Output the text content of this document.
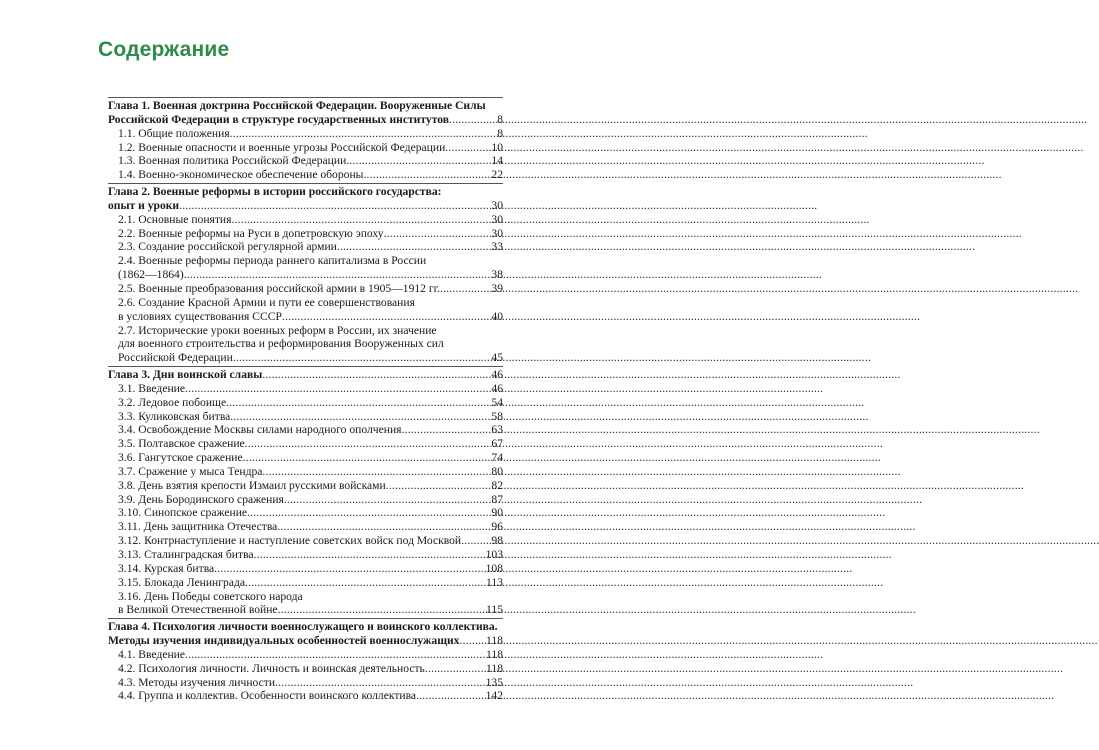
Содержание
Глава 1. Военная доктрина Российской Федерации. Вооруженные Силы
Российской Федерации в структуре государственных институтов .....	8
1.1. Общие положения .....	8
1.2. Военные опасности и военные угрозы Российской Федерации .....	10
1.3. Военная политика Российской Федерации .....	14
1.4. Военно-экономическое обеспечение обороны .....	22
Глава 2. Военные реформы в истории российского государства:
опыт и уроки .....	30
2.1. Основные понятия .....	30
2.2. Военные реформы на Руси в допетровскую эпоху .....	30
2.3. Создание российской регулярной армии .....	33
2.4. Военные реформы периода раннего капитализма в России
(1862—1864) .....	38
2.5. Военные преобразования российской армии в 1905—1912 гг. .....	39
2.6. Создание Красной Армии и пути ее совершенствования
в условиях существования СССР .....	40
2.7. Исторические уроки военных реформ в России, их значение
для военного строительства и реформирования Вооруженных сил
Российской Федерации .....	45
Глава 3. Дни воинской славы .....	46
3.1. Введение .....	46
3.2. Ледовое побоище .....	54
3.3. Куликовская битва .....	58
3.4. Освобождение Москвы силами народного ополчения .....	63
3.5. Полтавское сражение .....	67
3.6. Гангутское сражение .....	74
3.7. Сражение у мыса Тендра .....	80
3.8. День взятия крепости Измаил русскими войсками .....	82
3.9. День Бородинского сражения .....	87
3.10. Синопское сражение .....	90
3.11. День защитника Отечества .....	96
3.12. Контрнаступление и наступление советских войск под Москвой .....	98
3.13. Сталинградская битва .....	103
3.14. Курская битва .....	108
3.15. Блокада Ленинграда .....	113
3.16. День Победы советского народа
в Великой Отечественной войне .....	115
Глава 4. Психология личности военнослужащего и воинского коллектива.
Методы изучения индивидуальных особенностей военнослужащих ..... 118
4.1. Введение .....	118
4.2. Психология личности. Личность и воинская деятельность .....	118
4.3. Методы изучения личности .....	135
4.4. Группа и коллектив. Особенности воинского коллектива .....	142
